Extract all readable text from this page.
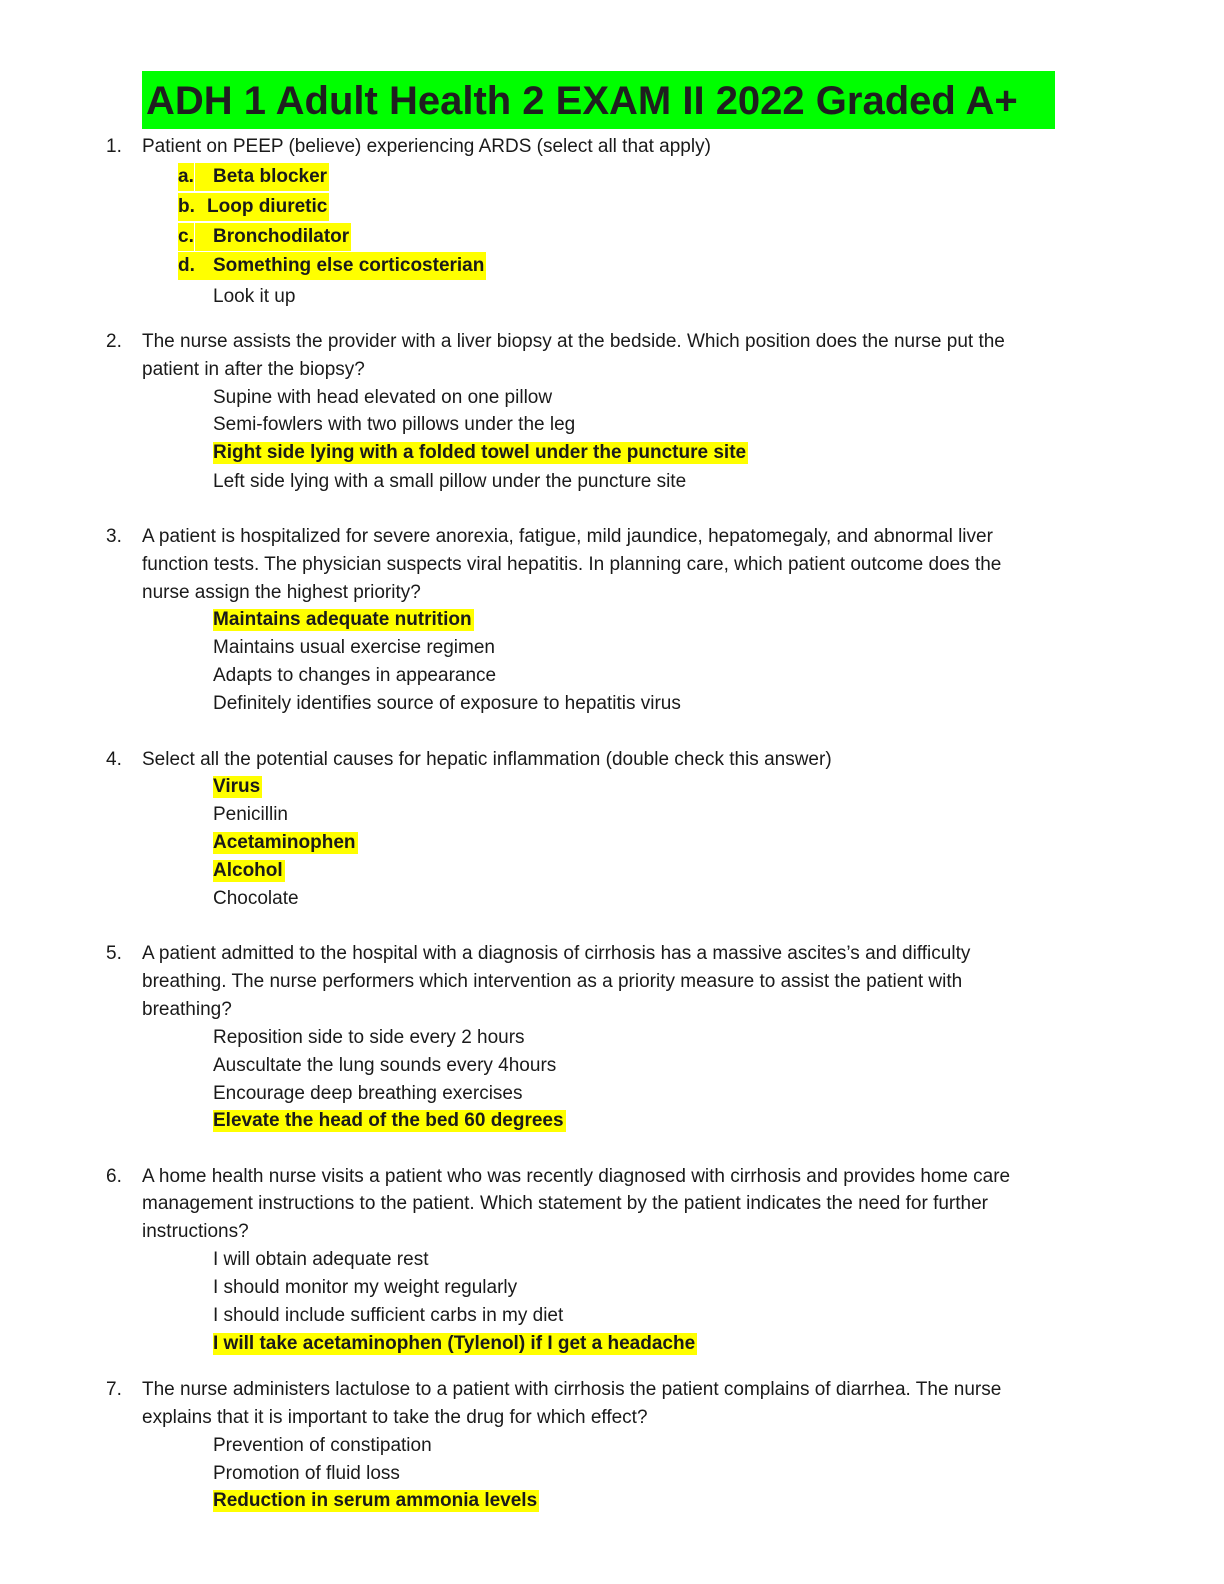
ADH 1 Adult Health 2 EXAM II 2022 Graded A+
1. Patient on PEEP (believe) experiencing ARDS (select all that apply)
a.	Beta blocker
b. Loop diuretic
c.	Bronchodilator
d. Something else corticosterian
Look it up
2. The nurse assists the provider with a liver biopsy at the bedside. Which position does the nurse put the
patient in after the biopsy?
Supine with head elevated on one pillow
Semi-fowlers with two pillows under the leg
Right side lying with a folded towel under the puncture site
Left side lying with a small pillow under the puncture site
3. A patient is hospitalized for severe anorexia, fatigue, mild jaundice, hepatomegaly, and abnormal liver
function tests. The physician suspects viral hepatitis. In planning care, which patient outcome does the
nurse assign the highest priority?
Maintains adequate nutrition
Maintains usual exercise regimen
Adapts to changes in appearance
Definitely identifies source of exposure to hepatitis virus
4. Select all the potential causes for hepatic inflammation (double check this answer)
Virus
Penicillin
Acetaminophen
Alcohol
Chocolate
5. A patient admitted to the hospital with a diagnosis of cirrhosis has a massive ascites’s and difficulty
breathing. The nurse performers which intervention as a priority measure to assist the patient with
breathing?
Reposition side to side every 2 hours
Auscultate the lung sounds every 4hours
Encourage deep breathing exercises
Elevate the head of the bed 60 degrees
6. A home health nurse visits a patient who was recently diagnosed with cirrhosis and provides home care
management instructions to the patient. Which statement by the patient indicates the need for further
instructions?
I will obtain adequate rest
I should monitor my weight regularly
I should include sufficient carbs in my diet
I will take acetaminophen (Tylenol) if I get a headache
7. The nurse administers lactulose to a patient with cirrhosis the patient complains of diarrhea. The nurse
explains that it is important to take the drug for which effect?
Prevention of constipation
Promotion of fluid loss
Reduction in serum ammonia levels
